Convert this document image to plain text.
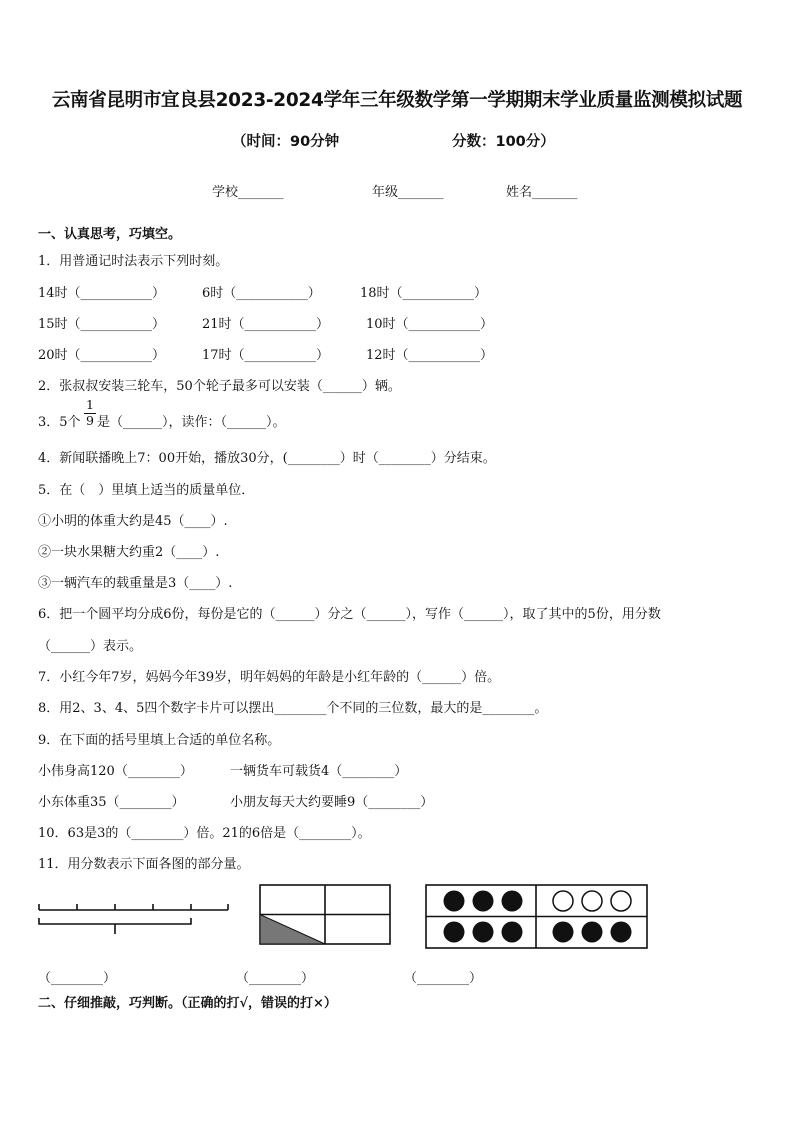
云南省昆明市宜良县2023-2024学年三年级数学第一学期期末学业质量监测模拟试题
（时间：90分钟	分数：100分）
学校_______	年级_______	姓名_______
一、认真思考，巧填空。
1．用普通记时法表示下列时刻。
14时（___________）	6时（___________）	18时（___________）
15时（___________）	21时（___________）	10时（___________）
20时（___________）	17时（___________）	12时（___________）
2．张叔叔安装三轮车，50个轮子最多可以安装（______）辆。
3．5个
1
9 是（______），读作：（______）。
4．新闻联播晚上7：00开始，播放30分，(________）时（________）分结束。
5．在（　）里填上适当的质量单位．
①小明的体重大约是45（____）.
②一块水果糖大约重2（____）.
③一辆汽车的载重量是3（____）.
6．把一个圆平均分成6份，每份是它的（______）分之（______），写作（______），取了其中的5份，用分数
（______）表示。
7．小红今年7岁，妈妈今年39岁，明年妈妈的年龄是小红年龄的（______）倍。
8．用2、3、4、5四个数字卡片可以摆出________个不同的三位数，最大的是________。
9．在下面的括号里填上合适的单位名称。
小伟身高120（________）	一辆货车可载货4（________）
小东体重35（________）	小朋友每天大约要睡9（________）
10．63是3的（________）倍。21的6倍是（________）。
11．用分数表示下面各图的部分量。
（________）	（________）	（________）
二、仔细推敲，巧判断。（正确的打√，错误的打×）
